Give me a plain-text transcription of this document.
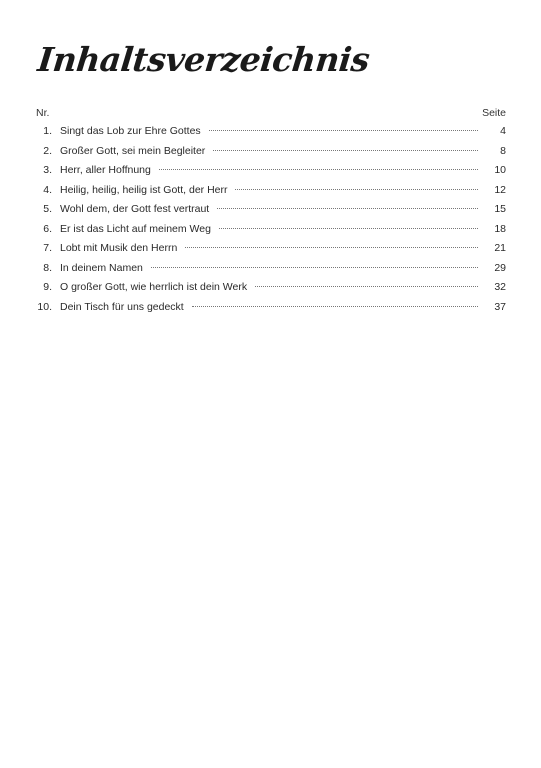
Inhaltsverzeichnis
Nr.	Seite
1. Singt das Lob zur Ehre Gottes	4
2. Großer Gott, sei mein Begleiter	8
3. Herr, aller Hoffnung	10
4. Heilig, heilig, heilig ist Gott, der Herr	12
5. Wohl dem, der Gott fest vertraut	15
6. Er ist das Licht auf meinem Weg	18
7. Lobt mit Musik den Herrn	21
8. In deinem Namen	29
9. O großer Gott, wie herrlich ist dein Werk	32
10. Dein Tisch für uns gedeckt	37
